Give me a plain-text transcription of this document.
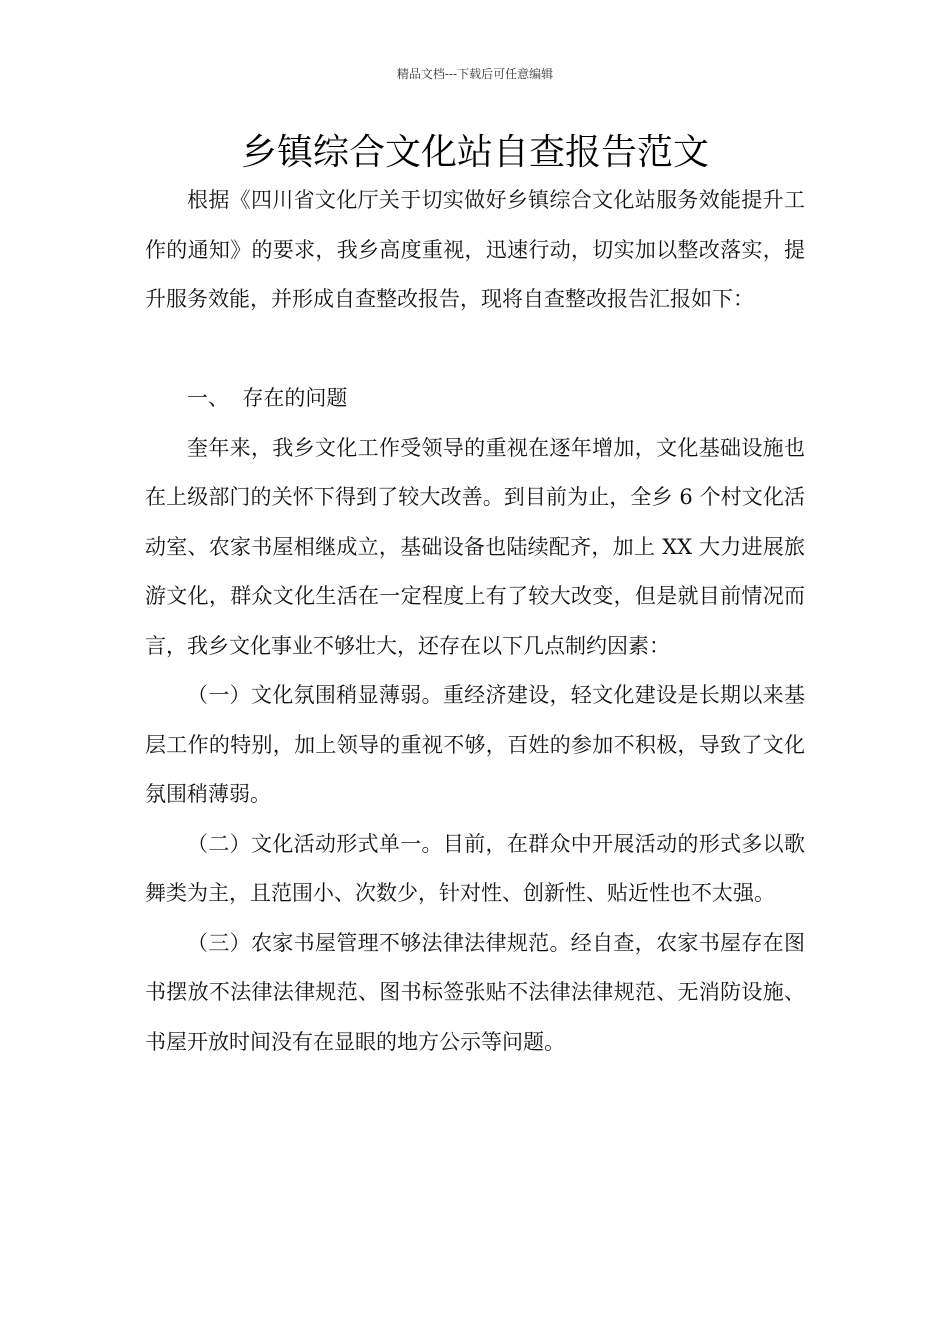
精品文档---下载后可任意编辑
乡镇综合文化站自查报告范文

根据《四川省文化厅关于切实做好乡镇综合文化站服务效能提升工作的通知》的要求，我乡高度重视，迅速行动，切实加以整改落实，提升服务效能，并形成自查整改报告，现将自查整改报告汇报如下：

一、  存在的问题

奎年来，我乡文化工作受领导的重视在逐年增加，文化基础设施也在上级部门的关怀下得到了较大改善。到目前为止，全乡 6 个村文化活动室、农家书屋相继成立，基础设备也陆续配齐，加上 XX 大力进展旅游文化，群众文化生活在一定程度上有了较大改变，但是就目前情况而言，我乡文化事业不够壮大，还存在以下几点制约因素：

（一）文化氛围稍显薄弱。重经济建设，轻文化建设是长期以来基层工作的特别，加上领导的重视不够，百姓的参加不积极，导致了文化氛围稍薄弱。

（二）文化活动形式单一。目前，在群众中开展活动的形式多以歌舞类为主，且范围小、次数少，针对性、创新性、贴近性也不太强。

（三）农家书屋管理不够法律法律规范。经自查，农家书屋存在图书摆放不法律法律规范、图书标签张贴不法律法律规范、无消防设施、书屋开放时间没有在显眼的地方公示等问题。
